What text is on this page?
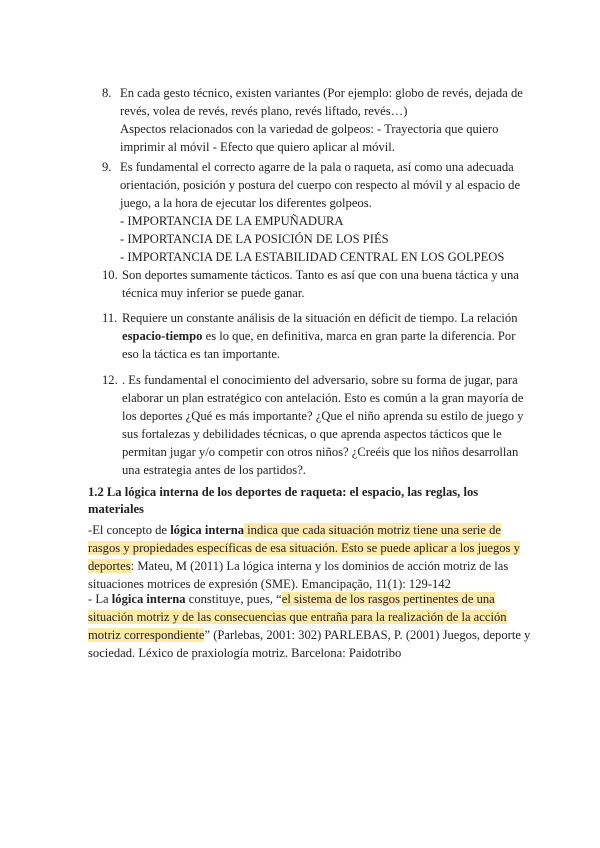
8. En cada gesto técnico, existen variantes (Por ejemplo: globo de revés, dejada de
revés, volea de revés, revés plano, revés liftado, revés…)
Aspectos relacionados con la variedad de golpeos: - Trayectoria que quiero
imprimir al móvil - Efecto que quiero aplicar al móvil.
9. Es fundamental el correcto agarre de la pala o raqueta, así como una adecuada
orientación, posición y postura del cuerpo con respecto al móvil y al espacio de
juego, a la hora de ejecutar los diferentes golpeos.
- IMPORTANCIA DE LA EMPUÑADURA
- IMPORTANCIA DE LA POSICIÓN DE LOS PIÉS
- IMPORTANCIA DE LA ESTABILIDAD CENTRAL EN LOS GOLPEOS
10. Son deportes sumamente tácticos. Tanto es así que con una buena táctica y una
técnica muy inferior se puede ganar.
11. Requiere un constante análisis de la situación en déficit de tiempo. La relación
espacio-tiempo es lo que, en definitiva, marca en gran parte la diferencia. Por
eso la táctica es tan importante.
12. . Es fundamental el conocimiento del adversario, sobre su forma de jugar, para
elaborar un plan estratégico con antelación. Esto es común a la gran mayoría de
los deportes ¿Qué es más importante? ¿Que el niño aprenda su estilo de juego y
sus fortalezas y debilidades técnicas, o que aprenda aspectos tácticos que le
permitan jugar y/o competir con otros niños? ¿Creéis que los niños desarrollan
una estrategia antes de los partidos?.
1.2 La lógica interna de los deportes de raqueta: el espacio, las reglas, los
materiales
-El concepto de lógica interna indica que cada situación motriz tiene una serie de
rasgos y propiedades específicas de esa situación. Esto se puede aplicar a los juegos y
deportes: Mateu, M (2011) La lógica interna y los dominios de acción motriz de las
situaciones motrices de expresión (SME). Emancipação, 11(1): 129-142
- La lógica interna constituye, pues, “el sistema de los rasgos pertinentes de una
situación motriz y de las consecuencias que entraña para la realización de la acción
motriz correspondiente” (Parlebas, 2001: 302) PARLEBAS, P. (2001) Juegos, deporte y
sociedad. Léxico de praxiología motriz. Barcelona: Paidotribo
